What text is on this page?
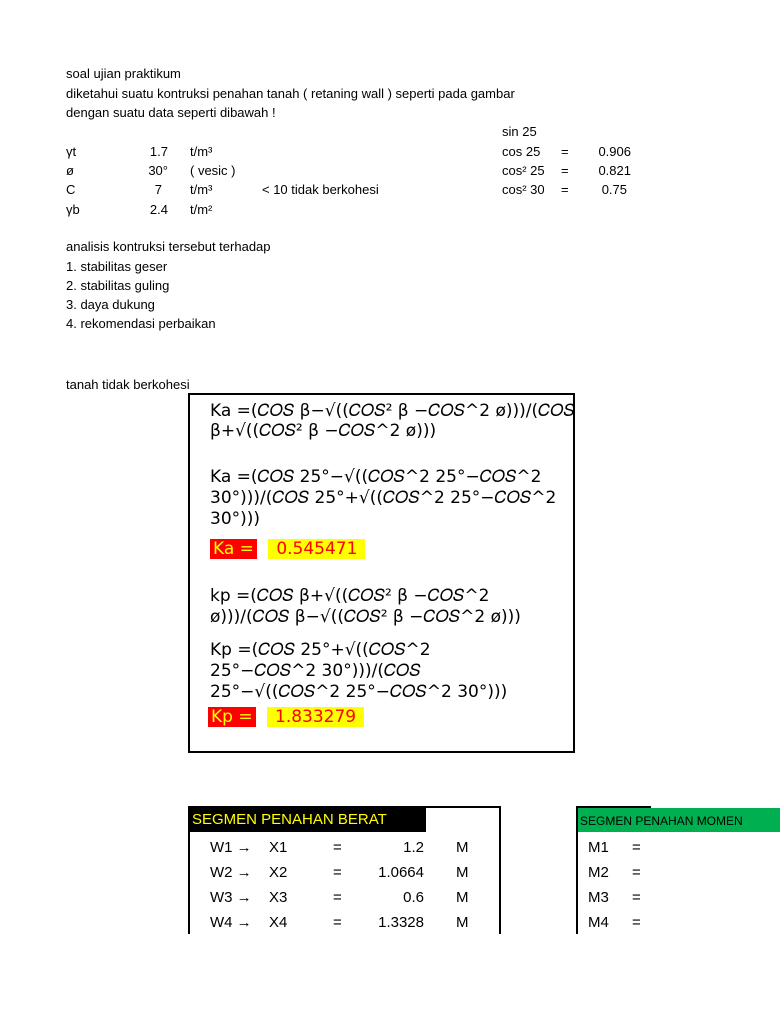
soal ujian praktikum
diketahui suatu kontruksi penahan tanah ( retaning wall ) seperti pada gambar
dengan suatu data seperti dibawah !
sin 25
cos 25 =	0.906
cos² 25 =	0.821
cos² 30 =	0.75
γt	1.7 t/m³
ø	30° ( vesic )
C	7 t/m³	< 10 tidak berkohesi
γb	2.4 t/m²
analisis kontruksi tersebut terhadap
1. stabilitas geser
2. stabilitas guling
3. daya dukung
4. rekomendasi perbaikan
tanah tidak berkohesi
Ka =(𝐶𝑂𝑆 β−√((𝐶𝑂𝑆² β −𝐶𝑂𝑆^2 ø)))/(𝐶𝑂𝑆
β+√((𝐶𝑂𝑆² β −𝐶𝑂𝑆^2 ø)))
Ka =(𝐶𝑂𝑆 25°−√((𝐶𝑂𝑆^2 25°−𝐶𝑂𝑆^2
30°)))/(𝐶𝑂𝑆 25°+√((𝐶𝑂𝑆^2 25°−𝐶𝑂𝑆^2
30°)))
Ka = 0.545471
kp =(𝐶𝑂𝑆 β+√((𝐶𝑂𝑆² β −𝐶𝑂𝑆^2
ø)))/(𝐶𝑂𝑆 β−√((𝐶𝑂𝑆² β −𝐶𝑂𝑆^2 ø)))
Kp =(𝐶𝑂𝑆 25°+√((𝐶𝑂𝑆^2
25°−𝐶𝑂𝑆^2 30°)))/(𝐶𝑂𝑆
25°−√((𝐶𝑂𝑆^2 25°−𝐶𝑂𝑆^2 30°)))
Kp = 1.833279
SEGMEN PENAHAN BERAT
W1 → X1	=	1.2 M
W2 → X2	=	1.0664 M
W3 → X3	=	0.6 M
W4 → X4	=	1.3328 M
SEGMEN PENAHAN MOMEN
M1 =
M2 =
M3 =
M4 =
